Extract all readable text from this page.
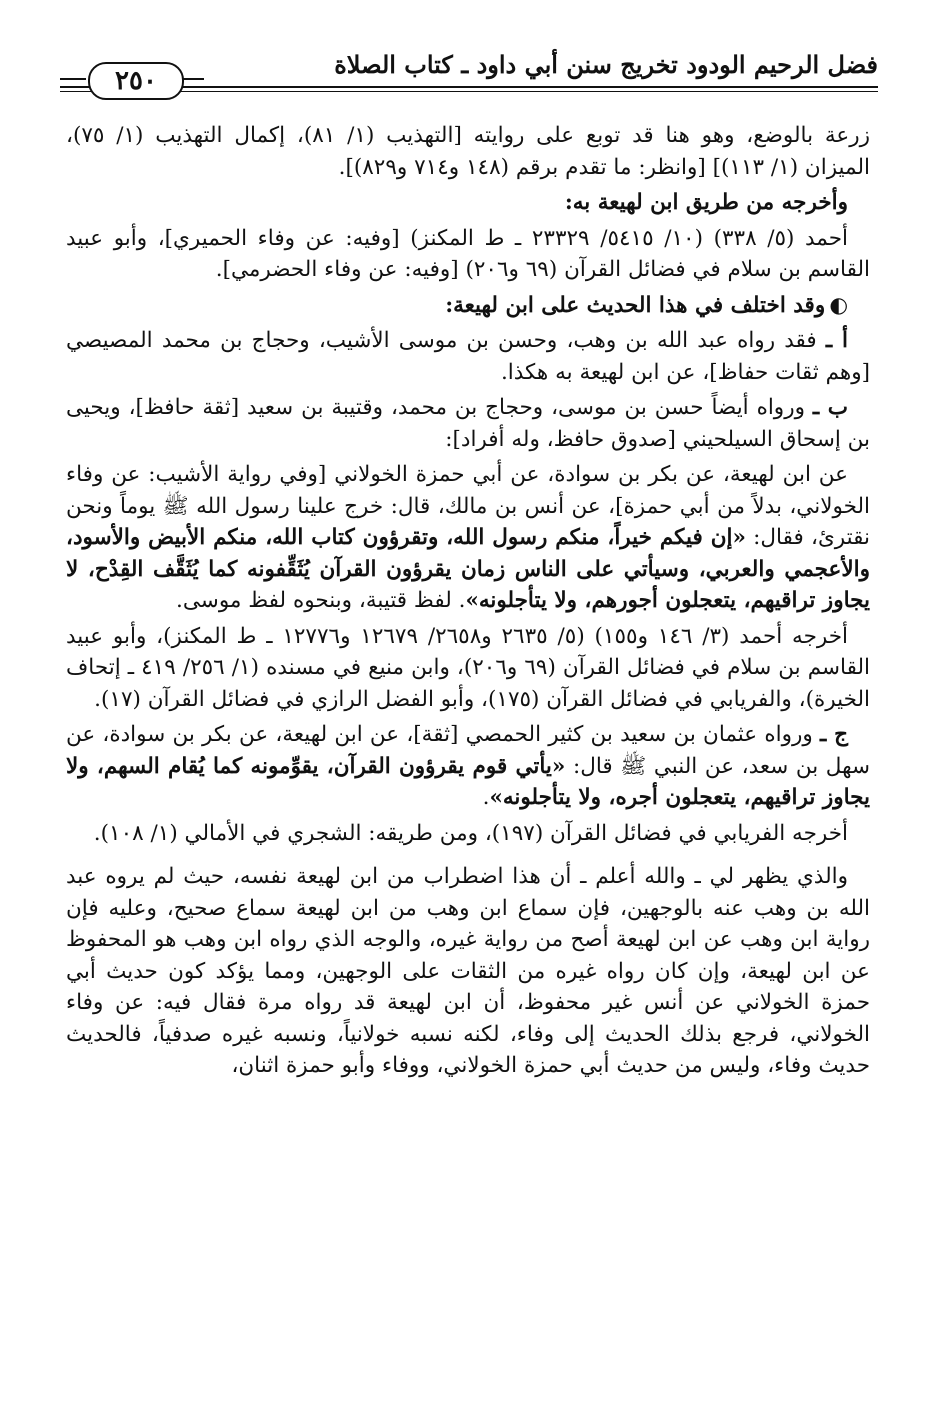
فضل الرحيم الودود تخريج سنن أبي داود ـ كتاب الصلاة
٢٥٠

زرعة بالوضع، وهو هنا قد توبع على روايته [التهذيب (١/ ٨١)، إكمال التهذيب (١/ ٧٥)، الميزان (١/ ١١٣)] [وانظر: ما تقدم برقم (١٤٨ و٧١٤ و٨٢٩)].

وأخرجه من طريق ابن لهيعة به:

أحمد (٥/ ٣٣٨) (١٠/ ٥٤١٥/ ٢٣٣٢٩ ـ ط المكنز) [وفيه: عن وفاء الحميري]، وأبو عبيد القاسم بن سلام في فضائل القرآن (٦٩ و٢٠٦) [وفيه: عن وفاء الحضرمي].

◐وقد اختلف في هذا الحديث على ابن لهيعة:

أ ـ فقد رواه عبد الله بن وهب، وحسن بن موسى الأشيب، وحجاج بن محمد المصيصي [وهم ثقات حفاظ]، عن ابن لهيعة به هكذا.

ب ـ ورواه أيضاً حسن بن موسى، وحجاج بن محمد، وقتيبة بن سعيد [ثقة حافظ]، ويحيى بن إسحاق السيلحيني [صدوق حافظ، وله أفراد]:

عن ابن لهيعة، عن بكر بن سوادة، عن أبي حمزة الخولاني [وفي رواية الأشيب: عن وفاء الخولاني، بدلاً من أبي حمزة]، عن أنس بن مالك، قال: خرج علينا رسول الله ﷺ يوماً ونحن نقترئ، فقال: «إن فيكم خيراً، منكم رسول الله، وتقرؤون كتاب الله، منكم الأبيض والأسود، والأعجمي والعربي، وسيأتي على الناس زمان يقرؤون القرآن يُثَقِّفونه كما يُثَقَّف القِدْح، لا يجاوز تراقيهم، يتعجلون أجورهم، ولا يتأجلونه». لفظ قتيبة، وبنحوه لفظ موسى.

أخرجه أحمد (٣/ ١٤٦ و١٥٥) (٥/ ٢٦٣٥ و٢٦٥٨/ ١٢٦٧٩ و١٢٧٧٦ ـ ط المكنز)، وأبو عبيد القاسم بن سلام في فضائل القرآن (٦٩ و٢٠٦)، وابن منيع في مسنده (١/ ٢٥٦/ ٤١٩ ـ إتحاف الخيرة)، والفريابي في فضائل القرآن (١٧٥)، وأبو الفضل الرازي في فضائل القرآن (١٧).

ج ـ ورواه عثمان بن سعيد بن كثير الحمصي [ثقة]، عن ابن لهيعة، عن بكر بن سوادة، عن سهل بن سعد، عن النبي ﷺ قال: «يأتي قوم يقرؤون القرآن، يقوِّمونه كما يُقام السهم، ولا يجاوز تراقيهم، يتعجلون أجره، ولا يتأجلونه».

أخرجه الفريابي في فضائل القرآن (١٩٧)، ومن طريقه: الشجري في الأمالي (١/ ١٠٨).

والذي يظهر لي ـ والله أعلم ـ أن هذا اضطراب من ابن لهيعة نفسه، حيث لم يروه عبد الله بن وهب عنه بالوجهين، فإن سماع ابن وهب من ابن لهيعة سماع صحيح، وعليه فإن رواية ابن وهب عن ابن لهيعة أصح من رواية غيره، والوجه الذي رواه ابن وهب هو المحفوظ عن ابن لهيعة، وإن كان رواه غيره من الثقات على الوجهين، ومما يؤكد كون حديث أبي حمزة الخولاني عن أنس غير محفوظ، أن ابن لهيعة قد رواه مرة فقال فيه: عن وفاء الخولاني، فرجع بذلك الحديث إلى وفاء، لكنه نسبه خولانياً، ونسبه غيره صدفياً، فالحديث حديث وفاء، وليس من حديث أبي حمزة الخولاني، ووفاء وأبو حمزة اثنان،
